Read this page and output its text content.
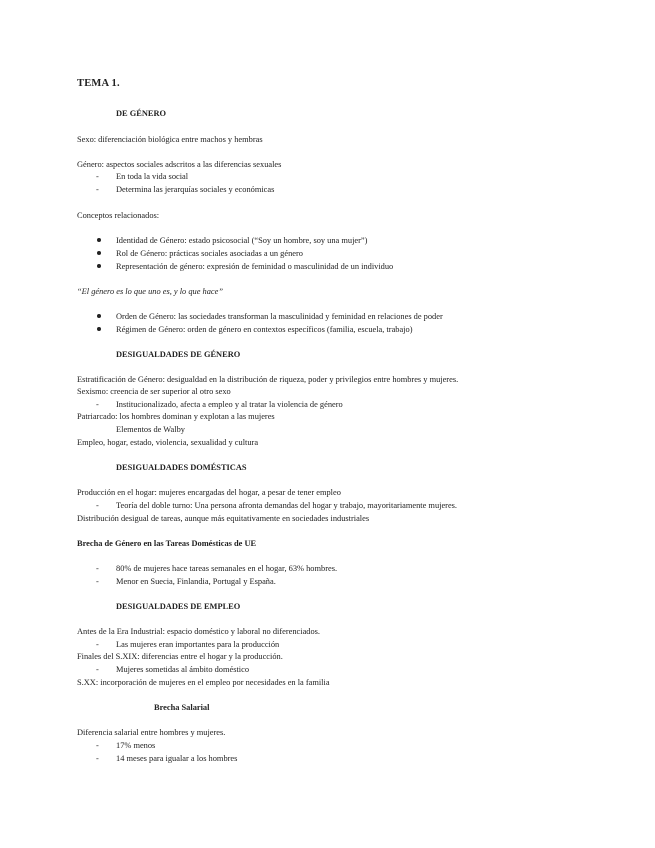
TEMA 1.
DE GÉNERO
Sexo: diferenciación biológica entre machos y hembras
Género: aspectos sociales adscritos a las diferencias sexuales
- En toda la vida social
- Determina las jerarquías sociales y económicas
Conceptos relacionados:
Identidad de Género: estado psicosocial (“Soy un hombre, soy una mujer”)
Rol de Género: prácticas sociales asociadas a un género
Representación de género: expresión de feminidad o masculinidad de un individuo
“El género es lo que uno es, y lo que hace”
Orden de Género: las sociedades transforman la masculinidad y feminidad en relaciones de poder
Régimen de Género: orden de género en contextos específicos (familia, escuela, trabajo)
DESIGUALDADES DE GÉNERO
Estratificación de Género: desigualdad en la distribución de riqueza, poder y privilegios entre hombres y mujeres.
Sexismo: creencia de ser superior al otro sexo
- Institucionalizado, afecta a empleo y al tratar la violencia de género
Patriarcado: los hombres dominan y explotan a las mujeres
Elementos de Walby
Empleo, hogar, estado, violencia, sexualidad y cultura
DESIGUALDADES DOMÉSTICAS
Producción en el hogar: mujeres encargadas del hogar, a pesar de tener empleo
- Teoría del doble turno: Una persona afronta demandas del hogar y trabajo, mayoritariamente mujeres.
Distribución desigual de tareas, aunque más equitativamente en sociedades industriales
Brecha de Género en las Tareas Domésticas de UE
- 80% de mujeres hace tareas semanales en el hogar, 63% hombres.
- Menor en Suecia, Finlandia, Portugal y España.
DESIGUALDADES DE EMPLEO
Antes de la Era Industrial: espacio doméstico y laboral no diferenciados.
- Las mujeres eran importantes para la producción
Finales del S.XIX: diferencias entre el hogar y la producción.
- Mujeres sometidas al ámbito doméstico
S.XX: incorporación de mujeres en el empleo por necesidades en la familia
Brecha Salarial
Diferencia salarial entre hombres y mujeres.
- 17% menos
- 14 meses para igualar a los hombres
